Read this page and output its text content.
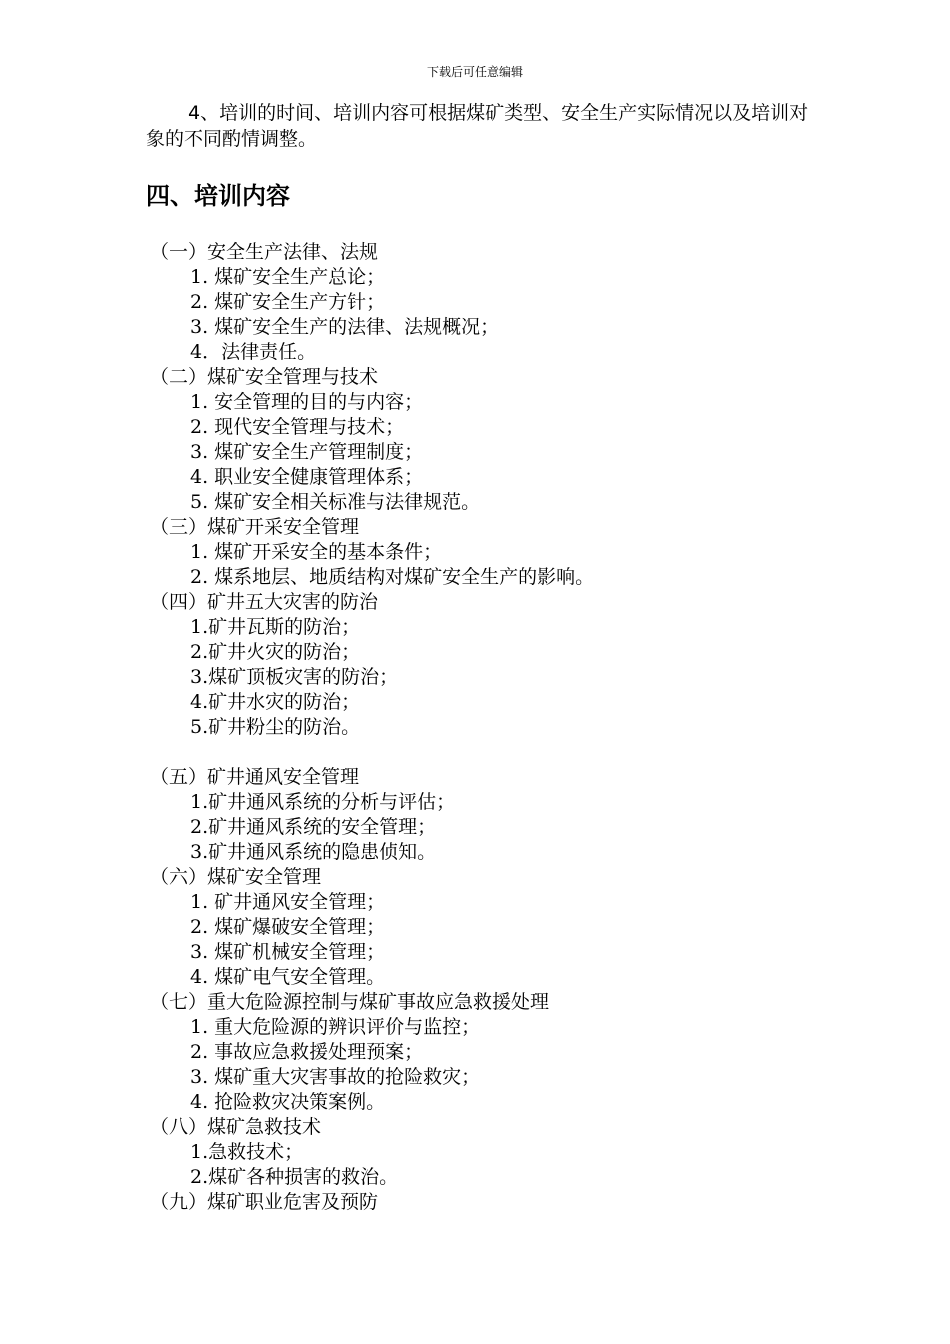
下载后可任意编辑

4、培训的时间、培训内容可根据煤矿类型、安全生产实际情况以及培训对象的不同酌情调整。

四、培训内容
（一）安全生产法律、法规
1. 煤矿安全生产总论；
2. 煤矿安全生产方针；
3. 煤矿安全生产的法律、法规概况；
4．法律责任。
（二）煤矿安全管理与技术
1. 安全管理的目的与内容；
2. 现代安全管理与技术；
3. 煤矿安全生产管理制度；
4. 职业安全健康管理体系；
5. 煤矿安全相关标准与法律规范。
（三）煤矿开采安全管理
1. 煤矿开采安全的基本条件；
2. 煤系地层、地质结构对煤矿安全生产的影响。
（四）矿井五大灾害的防治
1.矿井瓦斯的防治；
2.矿井火灾的防治；
3.煤矿顶板灾害的防治；
4.矿井水灾的防治；
5.矿井粉尘的防治。
（五）矿井通风安全管理
1.矿井通风系统的分析与评估；
2.矿井通风系统的安全管理；
3.矿井通风系统的隐患侦知。
（六）煤矿安全管理
1. 矿井通风安全管理；
2. 煤矿爆破安全管理；
3. 煤矿机械安全管理；
4. 煤矿电气安全管理。
（七）重大危险源控制与煤矿事故应急救援处理
1. 重大危险源的辨识评价与监控；
2. 事故应急救援处理预案；
3. 煤矿重大灾害事故的抢险救灾；
4. 抢险救灾决策案例。
（八）煤矿急救技术
1.急救技术；
2.煤矿各种损害的救治。
（九）煤矿职业危害及预防
